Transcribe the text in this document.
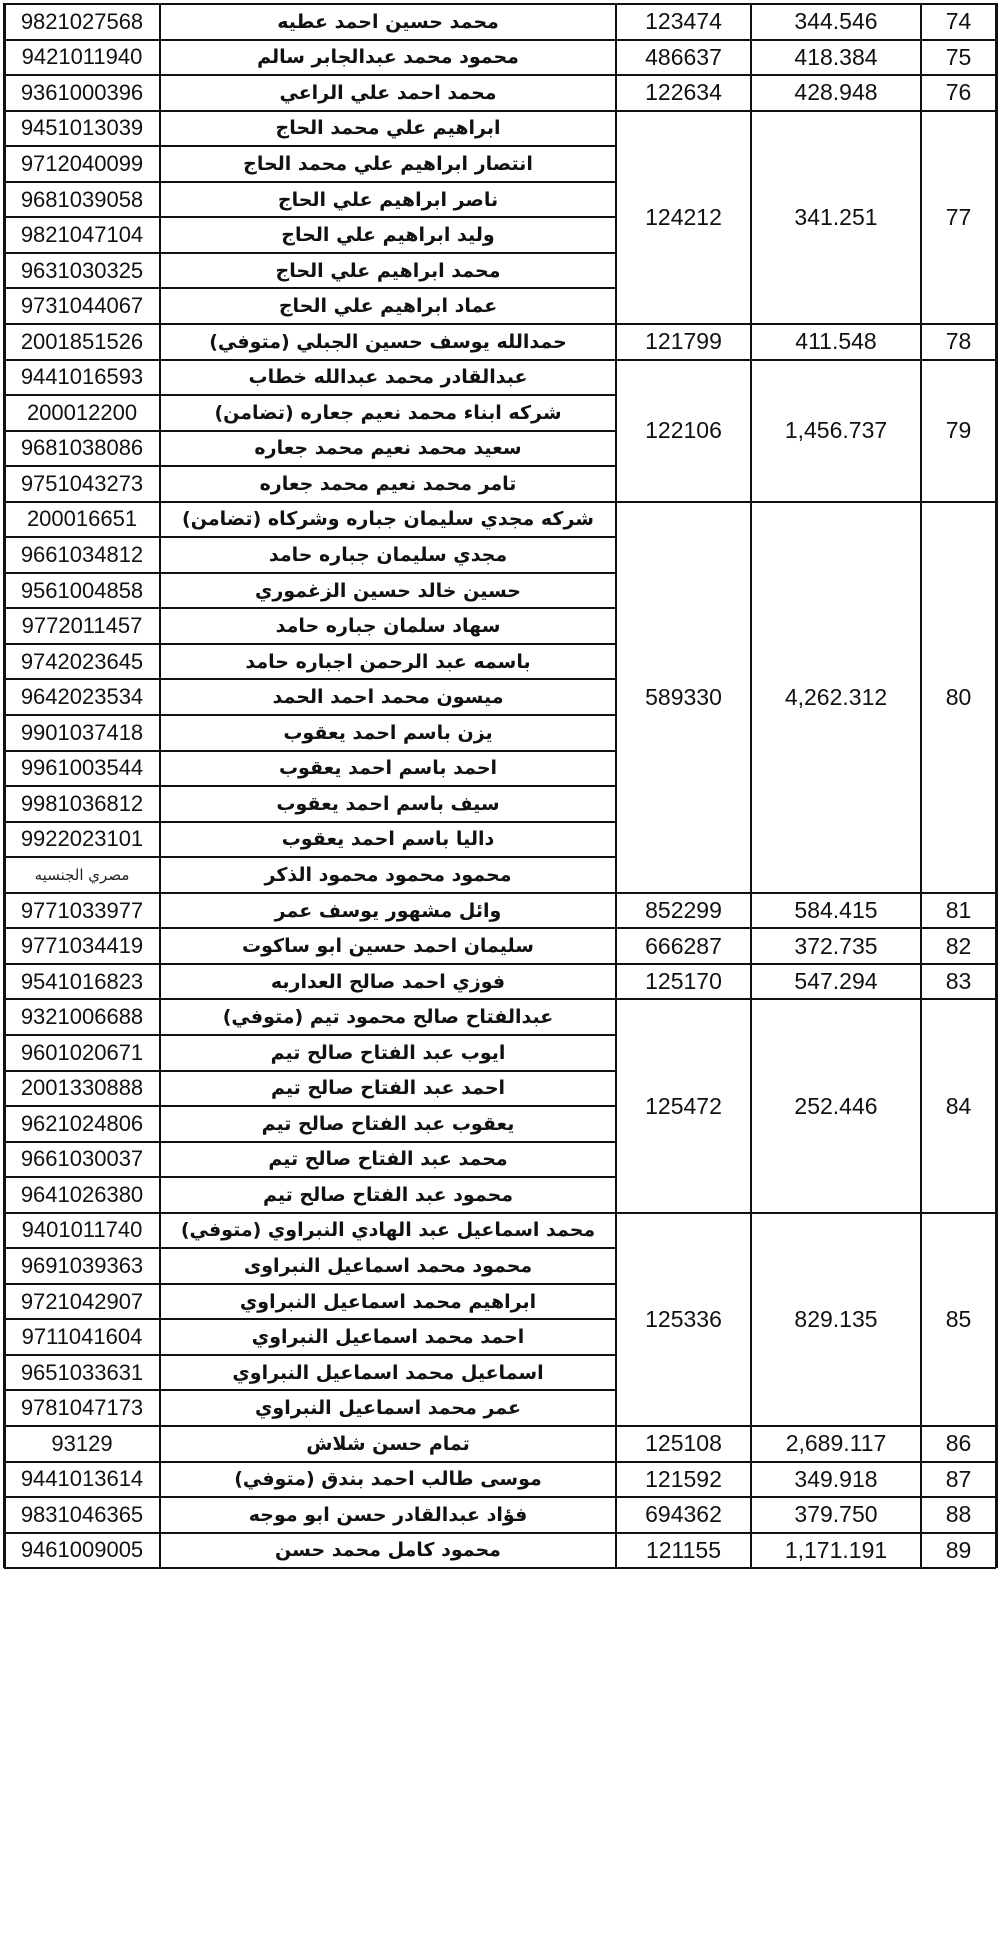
9821027568	محمد حسين احمد عطيه	123474	344.546	74
9421011940	محمود محمد عبدالجابر سالم	486637	418.384	75
9361000396	محمد احمد علي الراعي	122634	428.948	76
9451013039	ابراهيم علي محمد الحاج
9712040099	انتصار ابراهيم علي محمد الحاج
9681039058	ناصر ابراهيم علي الحاج
9821047104	وليد ابراهيم علي الحاج
9631030325	محمد ابراهيم علي الحاج
9731044067	عماد ابراهيم علي الحاج
124212	341.251	77
2001851526	حمدالله يوسف حسين الجبلي (متوفي)	121799	411.548	78
9441016593	عبدالقادر محمد عبدالله خطاب
200012200	شركه ابناء محمد نعيم جعاره (تضامن)
9681038086	سعيد محمد نعيم محمد جعاره
9751043273	تامر محمد نعيم محمد جعاره
122106	1,456.737	79
200016651	شركه مجدي سليمان جباره وشركاه (تضامن)
9661034812	مجدي سليمان جباره حامد
9561004858	حسين خالد حسين الزغموري
9772011457	سهاد سلمان جباره حامد
9742023645	باسمه عبد الرحمن اجباره حامد
9642023534	ميسون محمد احمد الحمد
9901037418	يزن باسم احمد يعقوب
9961003544	احمد باسم احمد يعقوب
9981036812	سيف باسم احمد يعقوب
9922023101	داليا باسم احمد يعقوب
مصري الجنسيه	محمود محمود محمود الذكر
589330	4,262.312	80
9771033977	وائل مشهور يوسف عمر	852299	584.415	81
9771034419	سليمان احمد حسين ابو ساكوت	666287	372.735	82
9541016823	فوزي احمد صالح العداربه	125170	547.294	83
9321006688	عبدالفتاح صالح محمود تيم (متوفي)
9601020671	ايوب عبد الفتاح صالح تيم
2001330888	احمد عبد الفتاح صالح تيم
9621024806	يعقوب عبد الفتاح صالح تيم
9661030037	محمد عبد الفتاح صالح تيم
9641026380	محمود عبد الفتاح صالح تيم
125472	252.446	84
9401011740	محمد اسماعيل عبد الهادي النبراوي (متوفي)
9691039363	محمود محمد اسماعيل النبراوى
9721042907	ابراهيم محمد اسماعيل النبراوي
9711041604	احمد محمد اسماعيل النبراوي
9651033631	اسماعيل محمد اسماعيل النبراوي
9781047173	عمر محمد اسماعيل النبراوي
125336	829.135	85
93129	تمام حسن شلاش	125108	2,689.117	86
9441013614	موسى طالب احمد بندق (متوفي)	121592	349.918	87
9831046365	فؤاد عبدالقادر حسن ابو موجه	694362	379.750	88
9461009005	محمود كامل محمد حسن	121155	1,171.191	89
